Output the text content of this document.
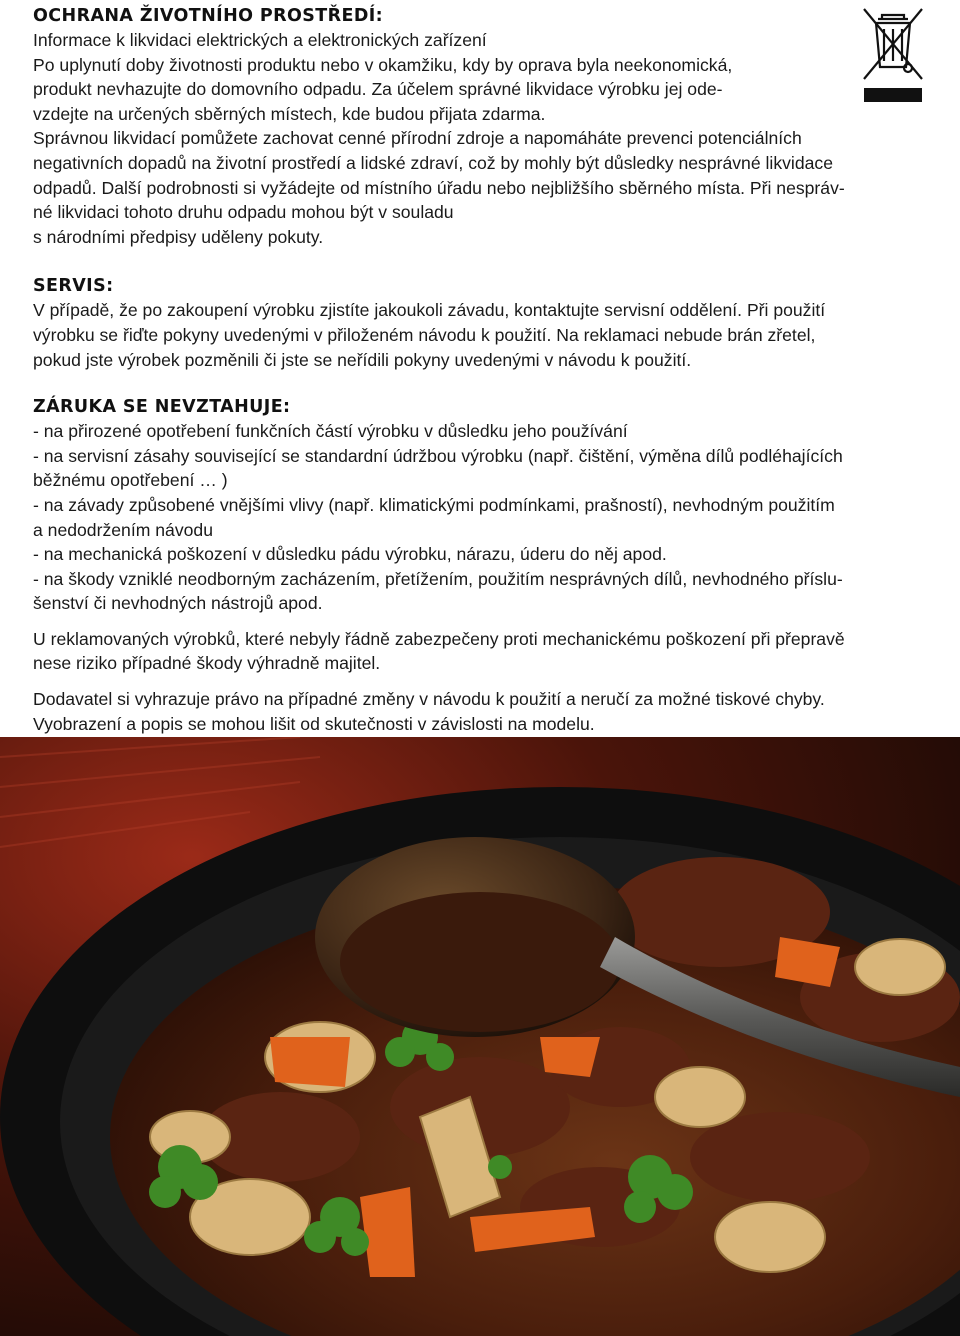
OCHRANA ŽIVOTNÍHO PROSTŘEDÍ:
Informace k likvidaci elektrických a elektronických zařízení
Po uplynutí doby životnosti produktu nebo v okamžiku, kdy by oprava byla neekonomická,
produkt nevhazujte do domovního odpadu. Za účelem správné likvidace výrobku jej ode-
vzdejte na určených sběrných místech, kde budou přijata zdarma.
Správnou likvidací pomůžete zachovat cenné přírodní zdroje a napomáháte prevenci potenciálních
negativních dopadů na životní prostředí a lidské zdraví, což by mohly být důsledky nesprávné likvidace
odpadů. Další podrobnosti si vyžádejte od místního úřadu nebo nejbližšího sběrného místa. Při nespráv-
né likvidaci tohoto druhu odpadu mohou být v souladu
s národními předpisy uděleny pokuty.
SERVIS:
V případě, že po zakoupení výrobku zjistíte jakoukoli závadu, kontaktujte servisní oddělení. Při použití
výrobku se řiďte pokyny uvedenými v přiloženém návodu k použití. Na reklamaci nebude brán zřetel,
pokud jste výrobek pozměnili či jste se neřídili pokyny uvedenými v návodu k použití.
ZÁRUKA SE NEVZTAHUJE:
- na přirozené opotřebení funkčních částí výrobku v důsledku jeho používání
- na servisní zásahy související se standardní údržbou výrobku (např. čištění, výměna dílů podléhajících
běžnému opotřebení … )
- na závady způsobené vnějšími vlivy (např. klimatickými podmínkami, prašností), nevhodným použitím
a nedodržením návodu
- na mechanická poškození v důsledku pádu výrobku, nárazu, úderu do něj apod.
- na škody vzniklé neodborným zacházením, přetížením, použitím nesprávných dílů, nevhodného příslu-
šenství či nevhodných nástrojů apod.
U reklamovaných výrobků, které nebyly řádně zabezpečeny proti mechanickému poškození při přepravě
nese riziko případné škody výhradně majitel.
Dodavatel si vyhrazuje právo na případné změny v návodu k použití a neručí za možné tiskové chyby.
Vyobrazení a popis se mohou lišit od skutečnosti v závislosti na modelu.
